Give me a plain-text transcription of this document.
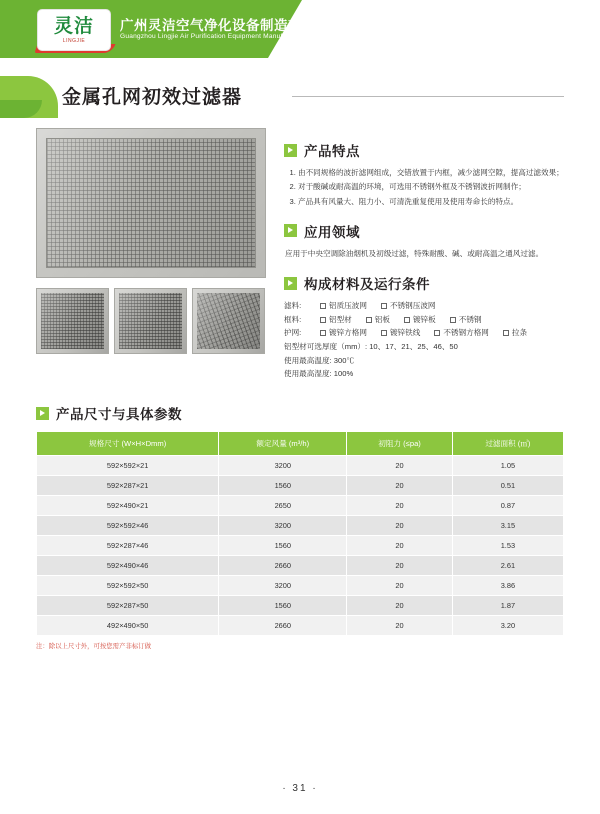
灵洁
LINGJIE
广州灵洁空气净化设备制造有限公司
Guangzhou Lingjie Air Purification Equipment Manufacturing Co., Ltd.
金属孔网初效过滤器
产品特点
1. 由不同规格的波折滤网组成，交错放置于内框，减少滤网空隙，提高过滤效果；
2. 对于酸碱或耐高温的环境，可选用不锈钢外框及不锈钢波折网制作；
3. 产品具有风量大、阻力小、可清洗重复使用及使用寿命长的特点。
应用领域
应用于中央空调除油烟机及初级过滤，特殊耐酸、碱、或耐高温之通风过滤。
构成材料及运行条件
滤料:	铝质压波网	不锈钢压波网
框料:	铝型材	铝板	镀锌板	不锈钢
护网:	镀锌方格网	镀锌铁线	不锈钢方格网	拉条
铝型材可选厚度（mm）: 10、17、21、25、46、50
使用最高温度: 300℃
使用最高湿度: 100%
产品尺寸与具体参数
规格尺寸 (W×H×Dmm)	额定风量 (m³/h)	初阻力 (≤pa)	过滤面积 (㎡)
592×592×21	3200	20	1.05
592×287×21	1560	20	0.51
592×490×21	2650	20	0.87
592×592×46	3200	20	3.15
592×287×46	1560	20	1.53
592×490×46	2660	20	2.61
592×592×50	3200	20	3.86
592×287×50	1560	20	1.87
492×490×50	2660	20	3.20
注：除以上尺寸外，可按您需产非标订做
· 31 ·
